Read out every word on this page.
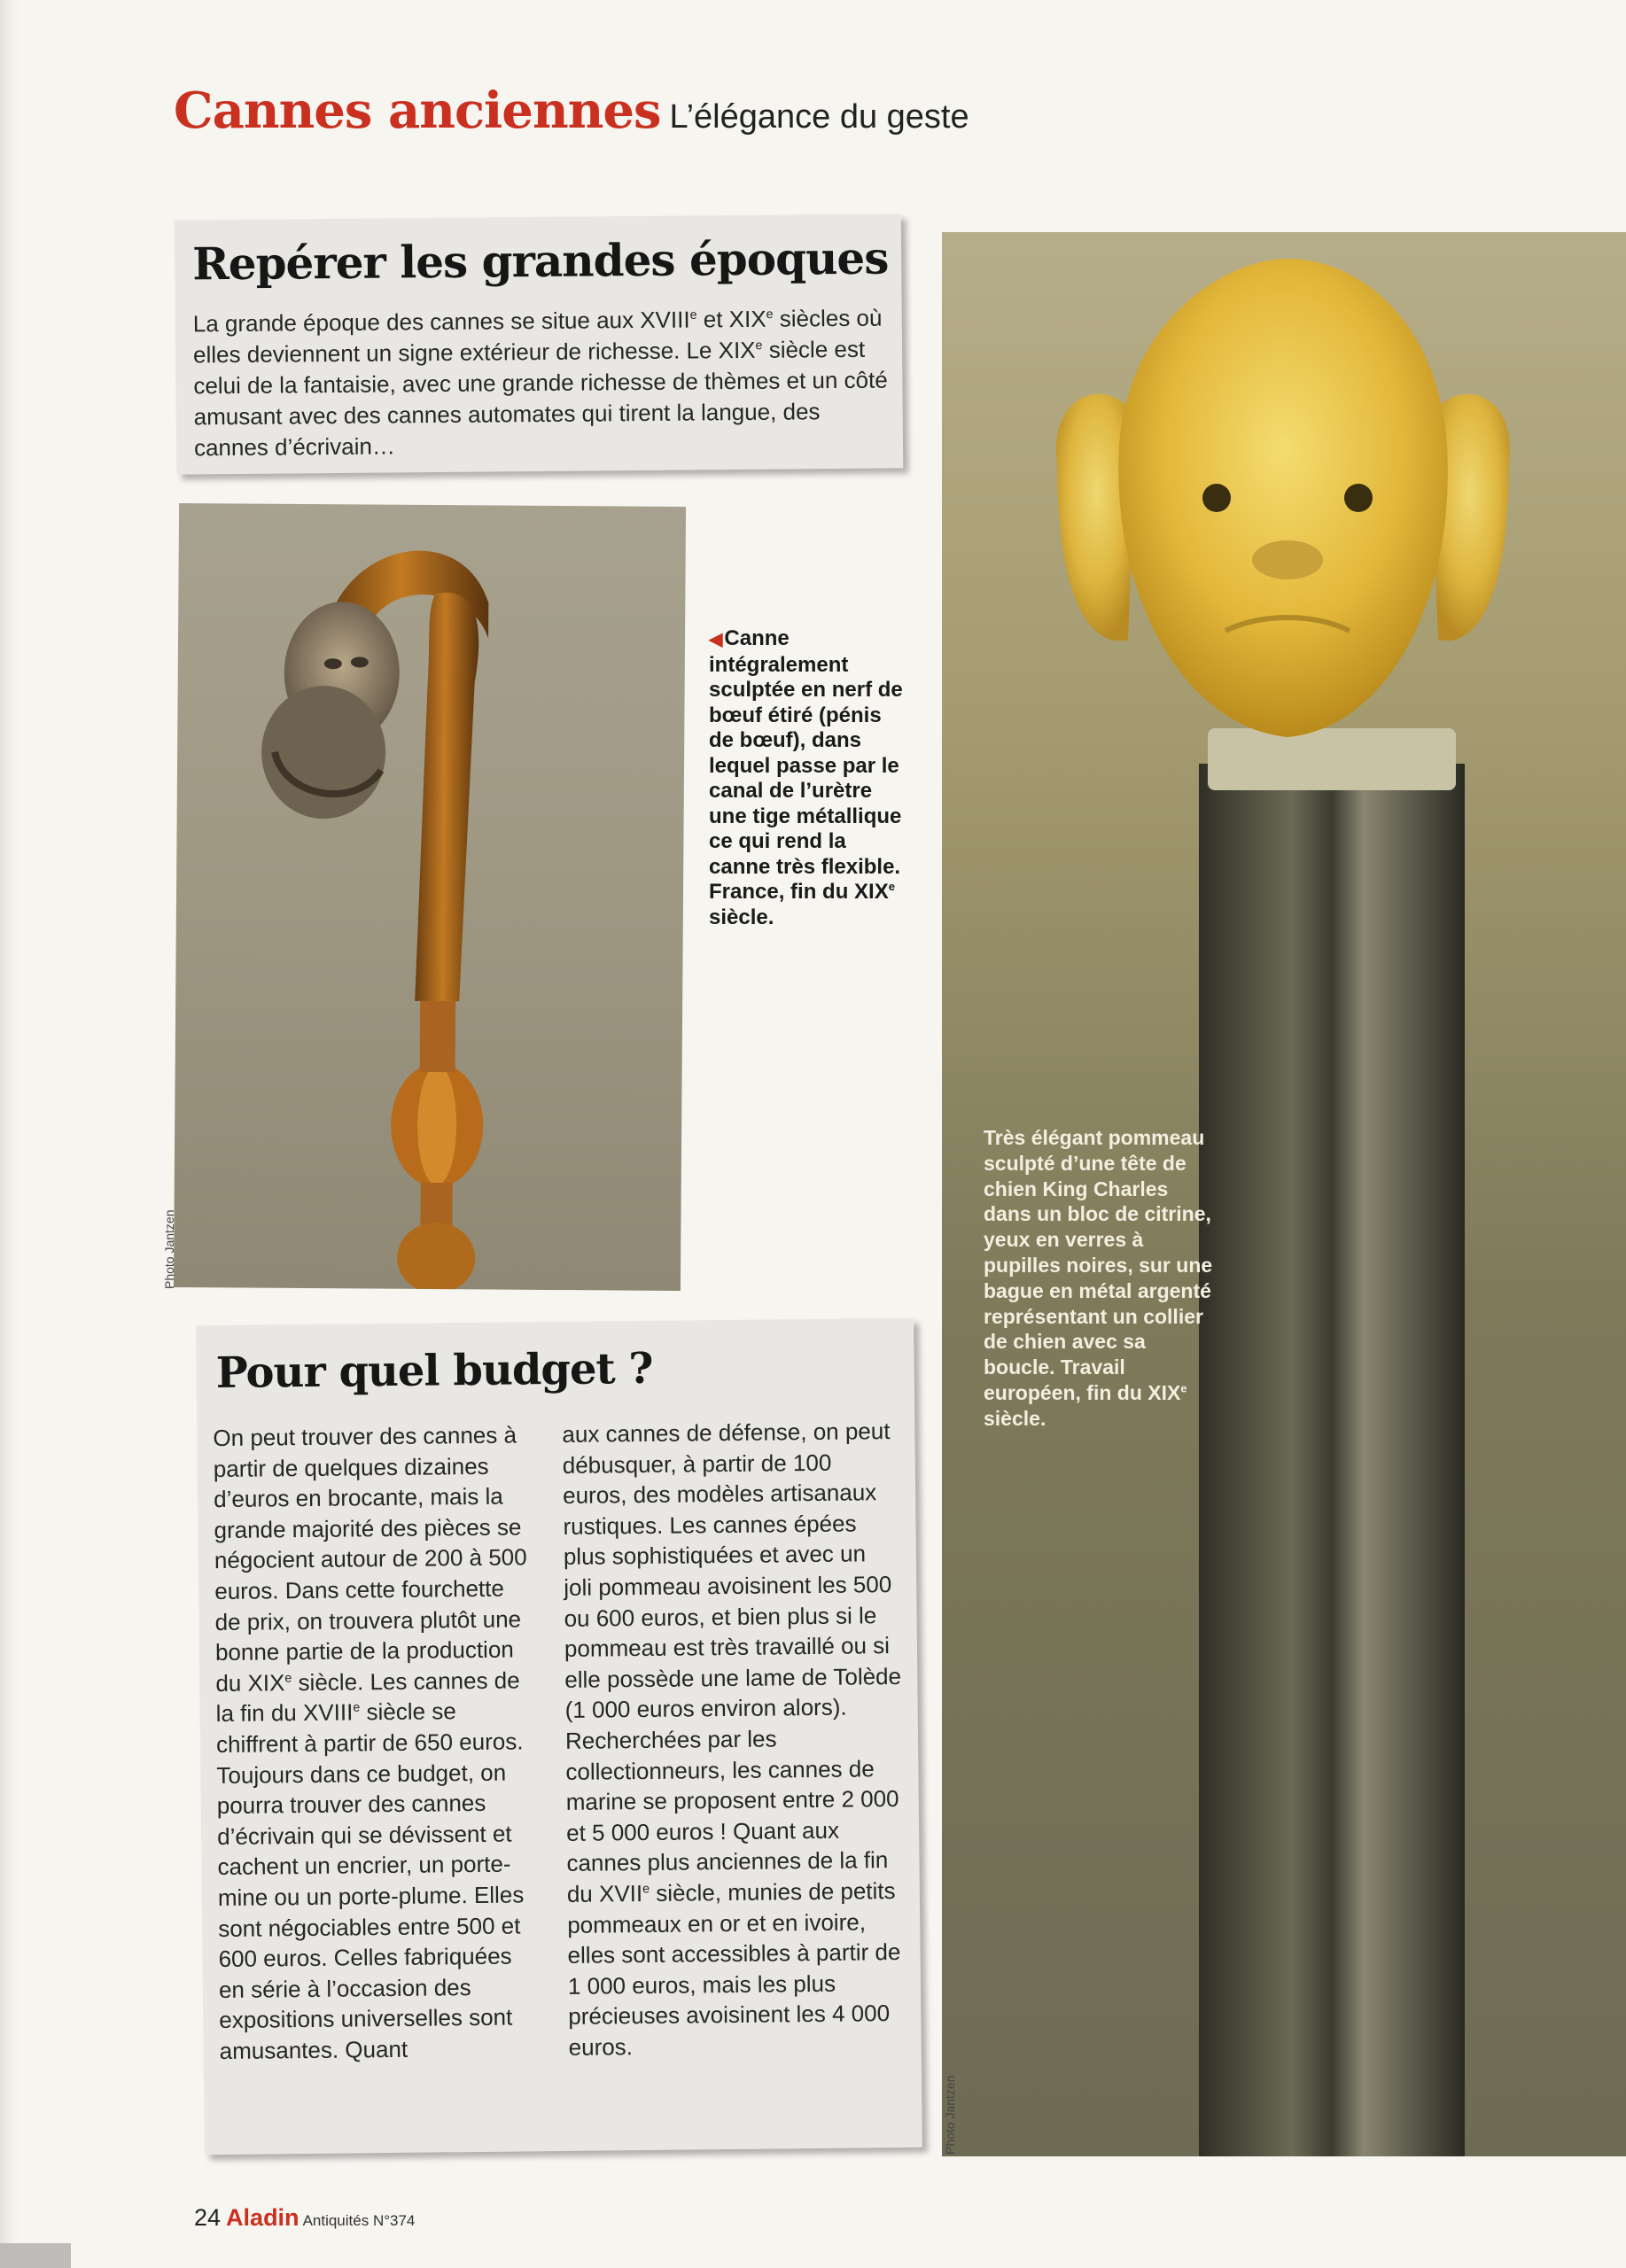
Cannes anciennes L’élégance du geste
Repérer les grandes époques
La grande époque des cannes se situe aux XVIIIe et XIXe siècles où elles deviennent un signe extérieur de richesse. Le XIXe siècle est celui de la fantaisie, avec une grande richesse de thèmes et un côté amusant avec des cannes automates qui tirent la langue, des cannes d’écrivain…
Photo Jantzen
◀Canne intégralement sculptée en nerf de bœuf étiré (pénis de bœuf), dans lequel passe par le canal de l’urètre une tige métallique ce qui rend la canne très flexible. France, fin du XIXe siècle.
Très élégant pommeau sculpté d’une tête de chien King Charles dans un bloc de citrine, yeux en verres à pupilles noires, sur une bague en métal argenté représentant un collier de chien avec sa boucle. Travail européen, fin du XIXe siècle.
Photo Jantzen
Pour quel budget ?
On peut trouver des cannes à partir de quelques dizaines d’euros en brocante, mais la grande majorité des pièces se négocient autour de 200 à 500 euros. Dans cette fourchette de prix, on trouvera plutôt une bonne partie de la production du XIXe siècle. Les cannes de la fin du XVIIIe siècle se chiffrent à partir de 650 euros. Toujours dans ce budget, on pourra trouver des cannes d’écrivain qui se dévissent et cachent un encrier, un porte-mine ou un porte-plume. Elles sont négociables entre 500 et 600 euros. Celles fabriquées en série à l’occasion des expositions universelles sont amusantes. Quant
aux cannes de défense, on peut débusquer, à partir de 100 euros, des modèles artisanaux rustiques. Les cannes épées plus sophistiquées et avec un joli pommeau avoisinent les 500 ou 600 euros, et bien plus si le pommeau est très travaillé ou si elle possède une lame de Tolède (1 000 euros environ alors). Recherchées par les collectionneurs, les cannes de marine se proposent entre 2 000 et 5 000 euros ! Quant aux cannes plus anciennes de la fin du XVIIe siècle, munies de petits pommeaux en or et en ivoire, elles sont accessibles à partir de 1 000 euros, mais les plus précieuses avoisinent les 4 000 euros.
24 Aladin Antiquités N°374
